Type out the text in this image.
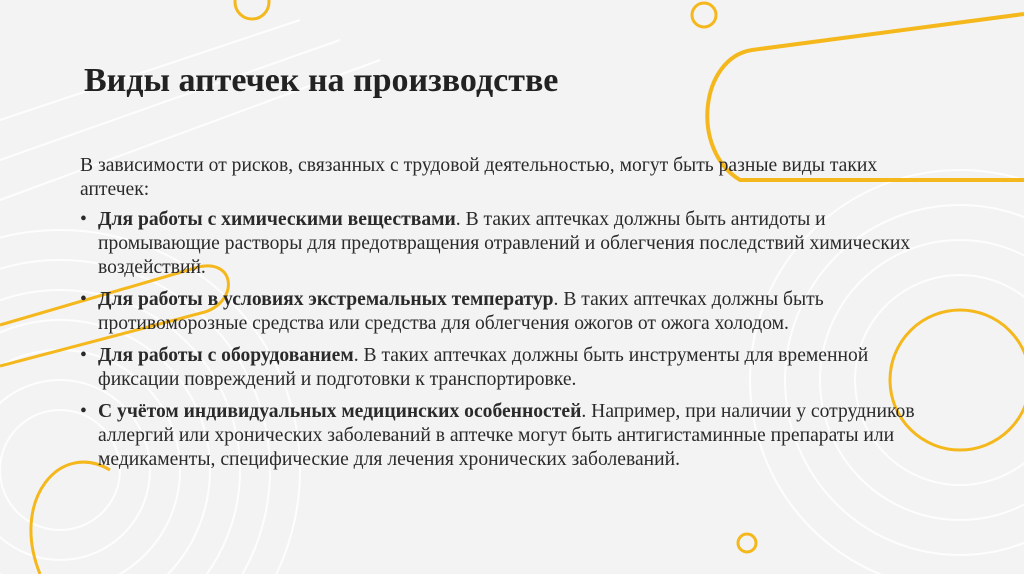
Виды аптечек на производстве

В зависимости от рисков, связанных с трудовой деятельностью, могут быть разные виды таких аптечек:

• Для работы с химическими веществами. В таких аптечках должны быть антидоты и промывающие растворы для предотвращения отравлений и облегчения последствий химических воздействий.
• Для работы в условиях экстремальных температур. В таких аптечках должны быть противоморозные средства или средства для облегчения ожогов от ожога холодом.
• Для работы с оборудованием. В таких аптечках должны быть инструменты для временной фиксации повреждений и подготовки к транспортировке.
• С учётом индивидуальных медицинских особенностей. Например, при наличии у сотрудников аллергий или хронических заболеваний в аптечке могут быть антигистаминные препараты или медикаменты, специфические для лечения хронических заболеваний.
